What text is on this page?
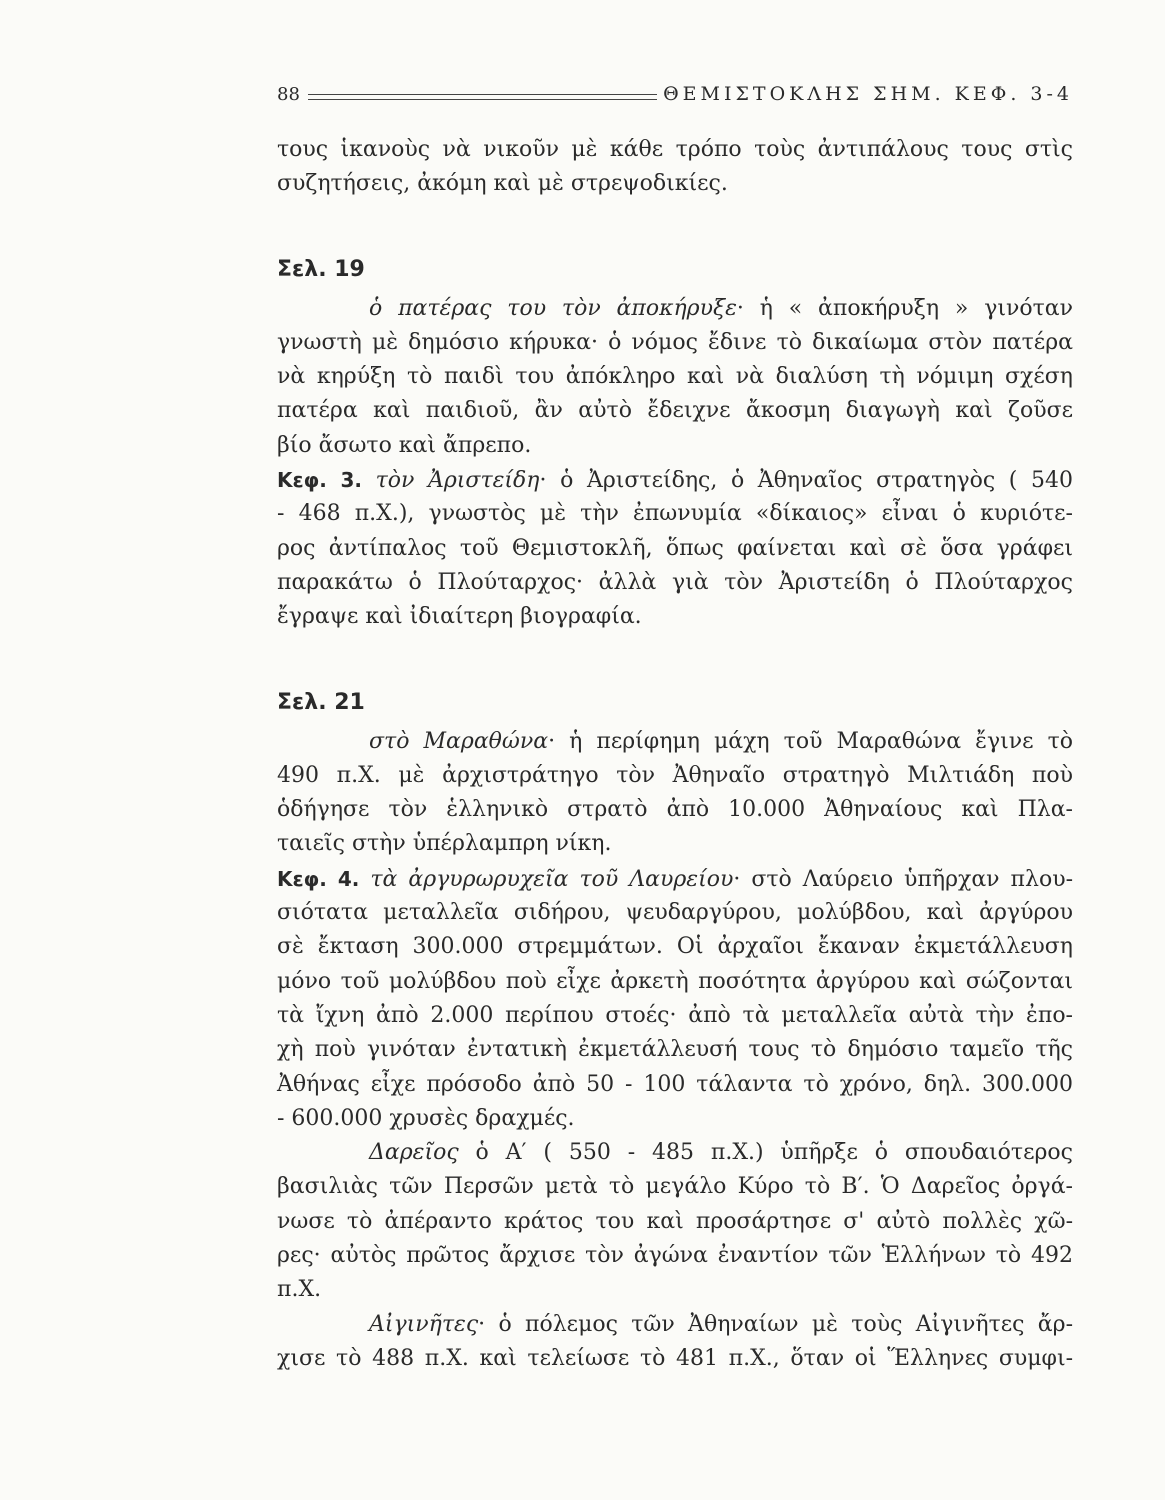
88	ΘΕΜΙΣΤΟΚΛΗΣ ΣΗΜ. ΚΕΦ. 3-4
τους ἱκανοὺς νὰ νικοῦν μὲ κάθε τρόπο τοὺς ἀντιπάλους τους στὶς
συζητήσεις, ἀκόμη καὶ μὲ στρεψοδικίες.
Σελ. 19
ὁ πατέρας του τὸν ἀποκήρυξε· ἡ « ἀποκήρυξη » γινόταν
γνωστὴ μὲ δημόσιο κήρυκα· ὁ νόμος ἔδινε τὸ δικαίωμα στὸν πατέρα
νὰ κηρύξη τὸ παιδὶ του ἀπόκληρο καὶ νὰ διαλύση τὴ νόμιμη σχέση
πατέρα καὶ παιδιοῦ, ἂν αὐτὸ ἔδειχνε ἄκοσμη διαγωγὴ καὶ ζοῦσε
βίο ἄσωτο καὶ ἄπρεπο.
Κεφ. 3. τὸν Ἀριστείδη· ὁ Ἀριστείδης, ὁ Ἀθηναῖος στρατηγὸς ( 540
- 468 π.Χ.), γνωστὸς μὲ τὴν ἐπωνυμία «δίκαιος» εἶναι ὁ κυριότε-
ρος ἀντίπαλος τοῦ Θεμιστοκλῆ, ὅπως φαίνεται καὶ σὲ ὅσα γράφει
παρακάτω ὁ Πλούταρχος· ἀλλὰ γιὰ τὸν Ἀριστείδη ὁ Πλούταρχος
ἔγραψε καὶ ἰδιαίτερη βιογραφία.
Σελ. 21
στὸ Μαραθώνα· ἡ περίφημη μάχη τοῦ Μαραθώνα ἔγινε τὸ
490 π.Χ. μὲ ἀρχιστράτηγο τὸν Ἀθηναῖο στρατηγὸ Μιλτιάδη ποὺ
ὁδήγησε τὸν ἑλληνικὸ στρατὸ ἀπὸ 10.000 Ἀθηναίους καὶ Πλα-
ταιεῖς στὴν ὑπέρλαμπρη νίκη.
Κεφ. 4. τὰ ἀργυρωρυχεῖα τοῦ Λαυρείου· στὸ Λαύρειο ὑπῆρχαν πλου-
σιότατα μεταλλεῖα σιδήρου, ψευδαργύρου, μολύβδου, καὶ ἀργύρου
σὲ ἔκταση 300.000 στρεμμάτων. Οἱ ἀρχαῖοι ἔκαναν ἐκμετάλλευση
μόνο τοῦ μολύβδου ποὺ εἶχε ἀρκετὴ ποσότητα ἀργύρου καὶ σώζονται
τὰ ἴχνη ἀπὸ 2.000 περίπου στοές· ἀπὸ τὰ μεταλλεῖα αὐτὰ τὴν ἐπο-
χὴ ποὺ γινόταν ἐντατικὴ ἐκμετάλλευσή τους τὸ δημόσιο ταμεῖο τῆς
Ἀθήνας εἶχε πρόσοδο ἀπὸ 50 - 100 τάλαντα τὸ χρόνο, δηλ. 300.000
- 600.000 χρυσὲς δραχμές.
Δαρεῖος ὁ Α′ ( 550 - 485 π.Χ.) ὑπῆρξε ὁ σπουδαιότερος
βασιλιὰς τῶν Περσῶν μετὰ τὸ μεγάλο Κύρο τὸ Β′. Ὁ Δαρεῖος ὀργά-
νωσε τὸ ἀπέραντο κράτος του καὶ προσάρτησε σ' αὐτὸ πολλὲς χῶ-
ρες· αὐτὸς πρῶτος ἄρχισε τὸν ἀγώνα ἐναντίον τῶν Ἑλλήνων τὸ 492
π.Χ.
Αἰγινῆτες· ὁ πόλεμος τῶν Ἀθηναίων μὲ τοὺς Αἰγινῆτες ἄρ-
χισε τὸ 488 π.Χ. καὶ τελείωσε τὸ 481 π.Χ., ὅταν οἱ Ἕλληνες συμφι-
